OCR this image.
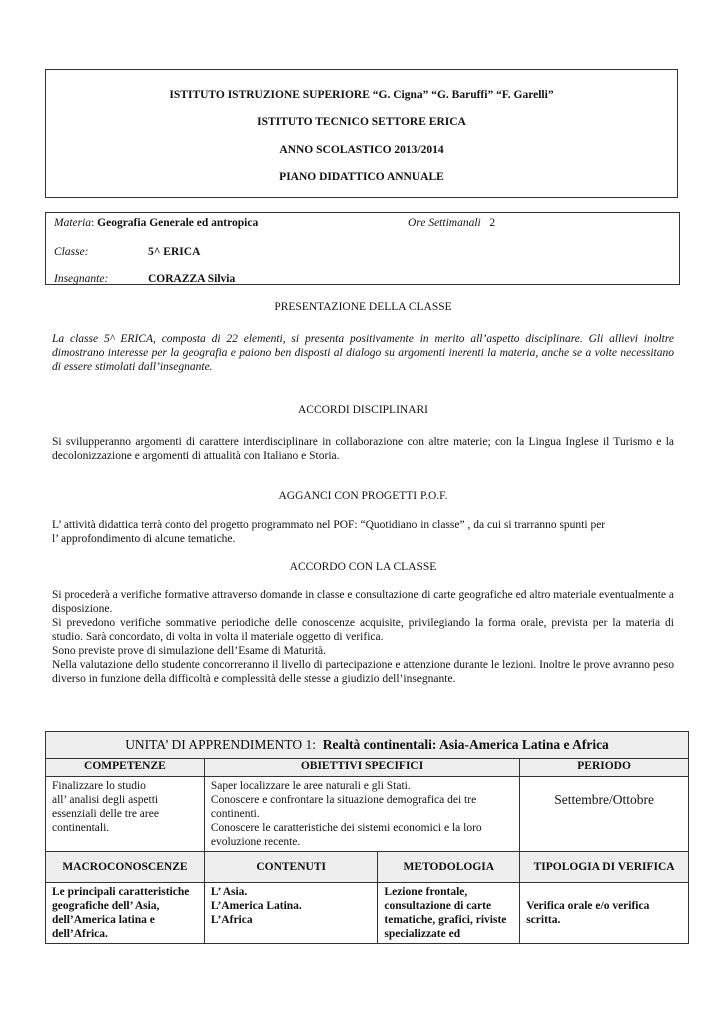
ISTITUTO ISTRUZIONE SUPERIORE “G. Cigna” “G. Baruffi” “F. Garelli”
ISTITUTO TECNICO SETTORE ERICA
ANNO SCOLASTICO 2013/2014
PIANO DIDATTICO ANNUALE
Materia: Geografia Generale ed antropica	Ore Settimanali 2
Classe:	5^ ERICA
Insegnante:	CORAZZA Silvia
PRESENTAZIONE DELLA CLASSE
La classe 5^ ERICA, composta di 22 elementi, si presenta positivamente in merito all’aspetto disciplinare. Gli allievi inoltre dimostrano interesse per la geografia e paiono ben disposti al dialogo su argomenti inerenti la materia, anche se a volte necessitano di essere stimolati dall’insegnante.
ACCORDI DISCIPLINARI
Si svilupperanno argomenti di carattere interdisciplinare in collaborazione con altre materie; con la Lingua Inglese il Turismo e la decolonizzazione e argomenti di attualità con Italiano e Storia.
AGGANCI CON PROGETTI P.O.F.

L’ attività didattica terrà conto del progetto programmato nel POF: “Quotidiano in classe” , da cui si trarranno spunti per

l’ approfondimento di alcune tematiche.

ACCORDO CON LA CLASSE

Si procederà a verifiche formative attraverso domande in classe e consultazione di carte geografiche ed altro materiale eventualmente a disposizione.

Si prevedono verifiche sommative periodiche delle conoscenze acquisite, privilegiando la forma orale, prevista per la materia di studio. Sarà concordato, di volta in volta il materiale oggetto di verifica.

Sono previste prove di simulazione dell’Esame di Maturità.

Nella valutazione dello studente concorreranno il livello di partecipazione e attenzione durante le lezioni. Inoltre le prove avranno peso diverso in funzione della difficoltà e complessità delle stesse a giudizio dell’insegnante.

UNITA’ DI APPRENDIMENTO 1: Realtà continentali: Asia-America Latina e Africa			
COMPETENZE	OBIETTIVI SPECIFICI		PERIODO
Finalizzare lo studio
all’ analisi degli aspetti
essenziali delle tre aree
continentali.	Saper localizzare le aree naturali e gli Stati.
Conoscere e confrontare la situazione demografica dei tre
continenti.
Conoscere le caratteristiche dei sistemi economici e la loro
evoluzione recente.		Settembre/Ottobre
MACROCONOSCENZE	CONTENUTI	METODOLOGIA	TIPOLOGIA DI VERIFICA
Le principali caratteristiche
geografiche dell’ Asia,
dell’America latina e
dell’Africa.	L’ Asia.
L’America Latina.
L’Africa	Lezione frontale,
consultazione di carte
tematiche, grafici, riviste
specializzate ed	Verifica orale e/o verifica
scritta.
